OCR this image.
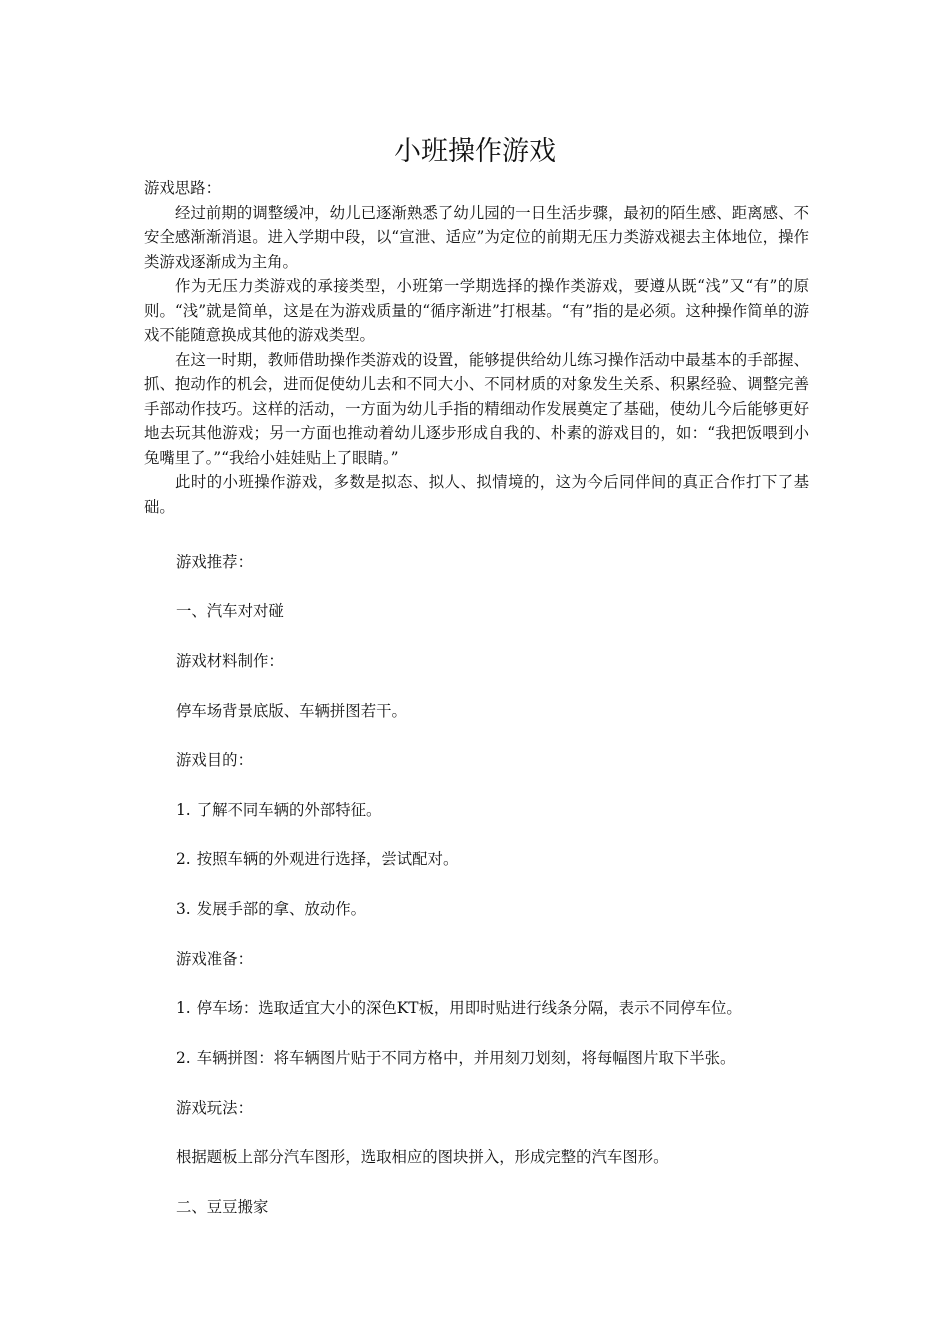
小班操作游戏

游戏思路：

经过前期的调整缓冲，幼儿已逐渐熟悉了幼儿园的一日生活步骤，最初的陌生感、距离感、不安全感渐渐消退。进入学期中段，以“宣泄、适应”为定位的前期无压力类游戏褪去主体地位，操作类游戏逐渐成为主角。

作为无压力类游戏的承接类型，小班第一学期选择的操作类游戏，要遵从既“浅”又“有”的原则。“浅”就是简单，这是在为游戏质量的“循序渐进”打根基。“有”指的是必须。这种操作简单的游戏不能随意换成其他的游戏类型。

在这一时期，教师借助操作类游戏的设置，能够提供给幼儿练习操作活动中最基本的手部握、抓、抱动作的机会，进而促使幼儿去和不同大小、不同材质的对象发生关系、积累经验、调整完善手部动作技巧。这样的活动，一方面为幼儿手指的精细动作发展奠定了基础，使幼儿今后能够更好地去玩其他游戏；另一方面也推动着幼儿逐步形成自我的、朴素的游戏目的，如：“我把饭喂到小兔嘴里了。”“我给小娃娃贴上了眼睛。”

此时的小班操作游戏，多数是拟态、拟人、拟情境的，这为今后同伴间的真正合作打下了基础。

游戏推荐：

一、汽车对对碰

游戏材料制作：

停车场背景底版、车辆拼图若干。

游戏目的：

1. 了解不同车辆的外部特征。

2. 按照车辆的外观进行选择，尝试配对。

3. 发展手部的拿、放动作。

游戏准备：

1. 停车场：选取适宜大小的深色KT板，用即时贴进行线条分隔，表示不同停车位。

2. 车辆拼图：将车辆图片贴于不同方格中，并用刻刀划刻，将每幅图片取下半张。

游戏玩法：

根据题板上部分汽车图形，选取相应的图块拼入，形成完整的汽车图形。

二、豆豆搬家
